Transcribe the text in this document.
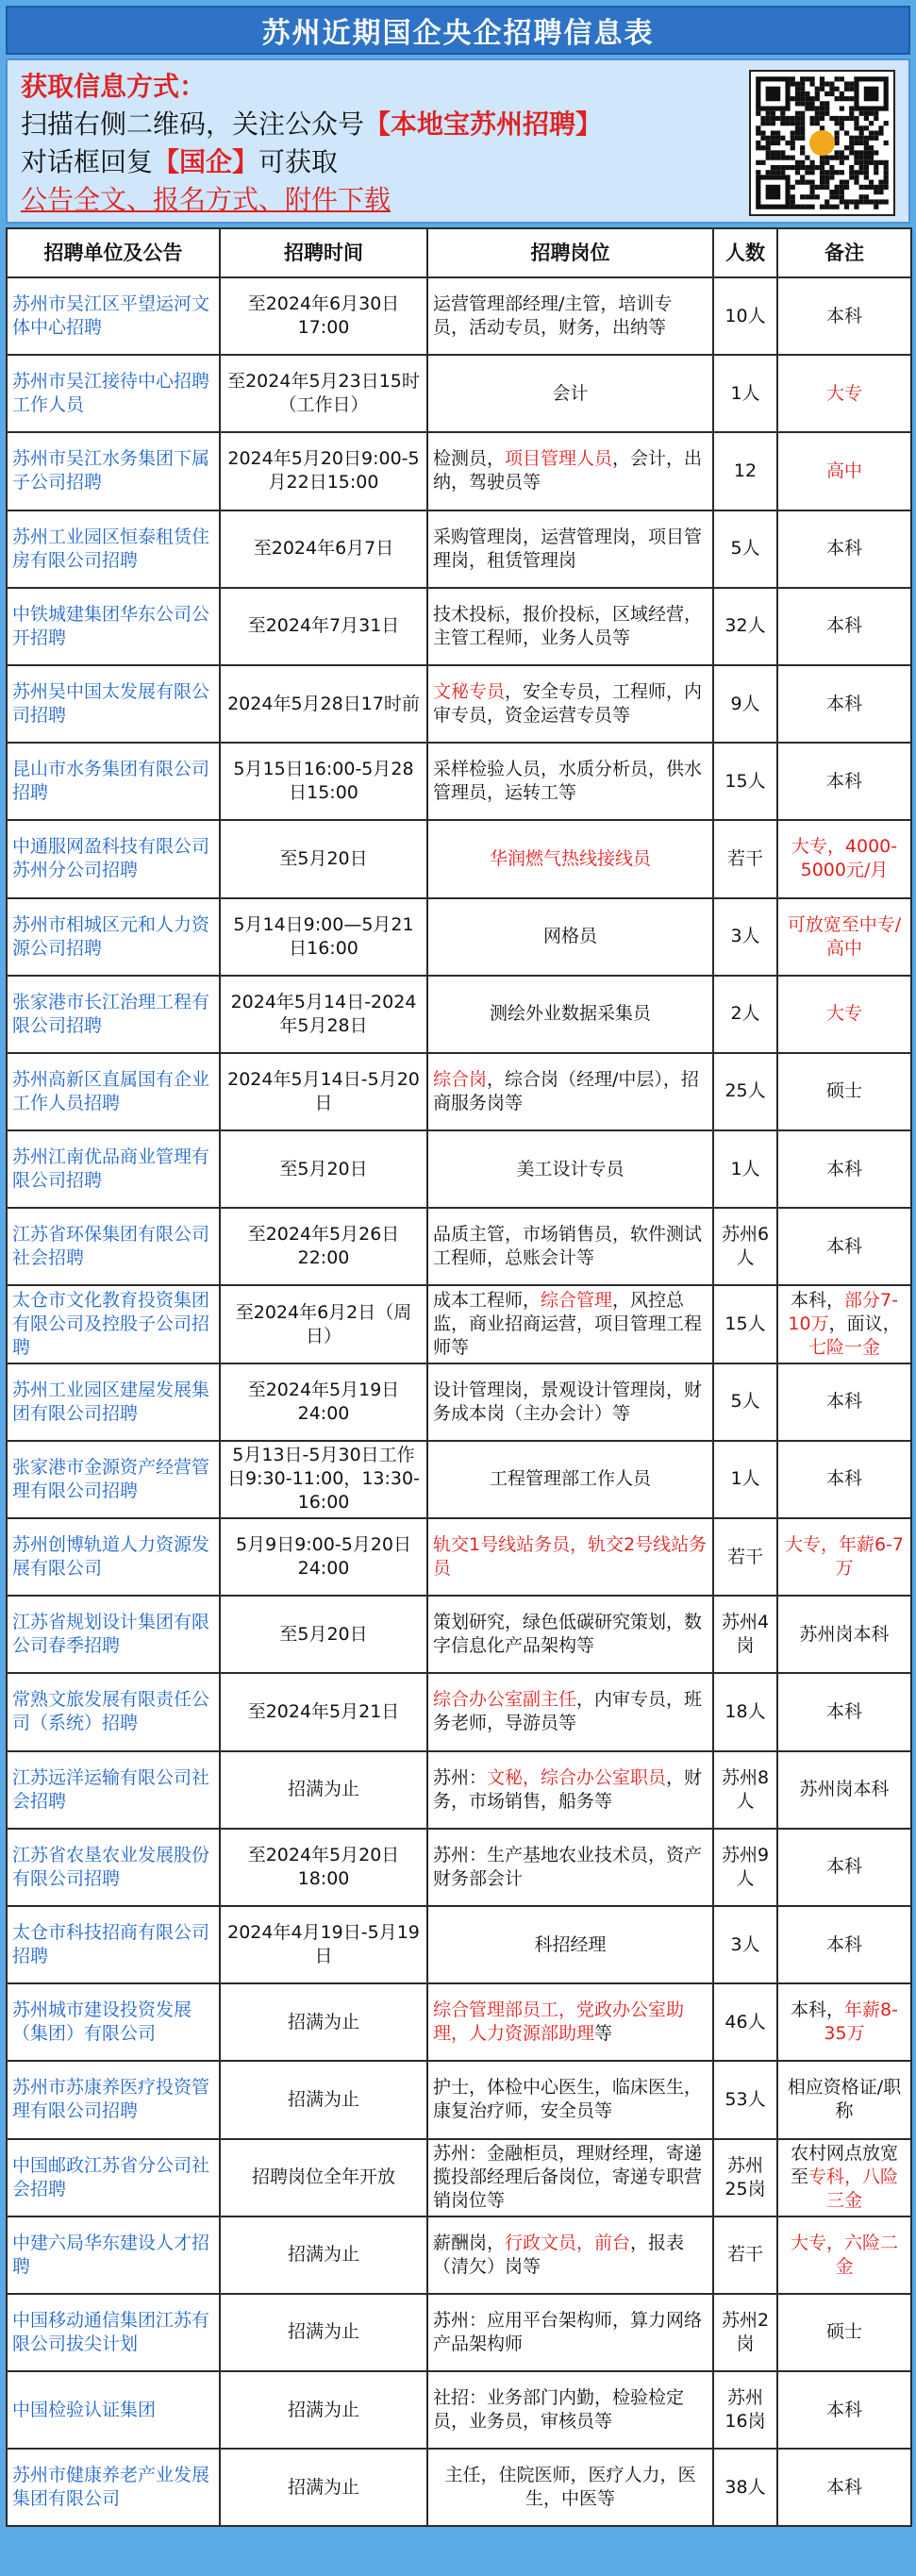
苏州近期国企央企招聘信息表
获取信息方式：
扫描右侧二维码，关注公众号【本地宝苏州招聘】
对话框回复【国企】可获取
公告全文、报名方式、附件下载
招聘单位及公告	招聘时间	招聘岗位	人数	备注
苏州市吴江区平望运河文体中心招聘	至2024年6月30日17:00	运营管理部经理/主管，培训专员，活动专员，财务，出纳等	10人	本科
苏州市吴江接待中心招聘工作人员	至2024年5月23日15时（工作日）	会计	1人	大专
苏州市吴江水务集团下属子公司招聘	2024年5月20日9:00-5月22日15:00	检测员，项目管理人员，会计，出纳，驾驶员等	12	高中
苏州工业园区恒泰租赁住房有限公司招聘	至2024年6月7日	采购管理岗，运营管理岗，项目管理岗，租赁管理岗	5人	本科
中铁城建集团华东公司公开招聘	至2024年7月31日	技术投标，报价投标，区域经营，主管工程师，业务人员等	32人	本科
苏州吴中国太发展有限公司招聘	2024年5月28日17时前	文秘专员，安全专员，工程师，内审专员，资金运营专员等	9人	本科
昆山市水务集团有限公司招聘	5月15日16:00-5月28日15:00	采样检验人员，水质分析员，供水管理员，运转工等	15人	本科
中通服网盈科技有限公司苏州分公司招聘	至5月20日	华润燃气热线接线员	若干	大专，4000-5000元/月
苏州市相城区元和人力资源公司招聘	5月14日9:00—5月21日16:00	网格员	3人	可放宽至中专/高中
张家港市长江治理工程有限公司招聘	2024年5月14日-2024年5月28日	测绘外业数据采集员	2人	大专
苏州高新区直属国有企业工作人员招聘	2024年5月14日-5月20日	综合岗，综合岗（经理/中层），招商服务岗等	25人	硕士
苏州江南优品商业管理有限公司招聘	至5月20日	美工设计专员	1人	本科
江苏省环保集团有限公司社会招聘	至2024年5月26日22:00	品质主管，市场销售员，软件测试工程师，总账会计等	苏州6人	本科
太仓市文化教育投资集团有限公司及控股子公司招聘	至2024年6月2日（周日）	成本工程师，综合管理，风控总监，商业招商运营，项目管理工程师等	15人	本科，部分7-10万，面议，七险一金
苏州工业园区建屋发展集团有限公司招聘	至2024年5月19日24:00	设计管理岗，景观设计管理岗，财务成本岗（主办会计）等	5人	本科
张家港市金源资产经营管理有限公司招聘	5月13日-5月30日工作日9:30-11:00，13:30-16:00	工程管理部工作人员	1人	本科
苏州创博轨道人力资源发展有限公司	5月9日9:00-5月20日24:00	轨交1号线站务员，轨交2号线站务员	若干	大专，年薪6-7万
江苏省规划设计集团有限公司春季招聘	至5月20日	策划研究，绿色低碳研究策划，数字信息化产品架构等	苏州4岗	苏州岗本科
常熟文旅发展有限责任公司（系统）招聘	至2024年5月21日	综合办公室副主任，内审专员，班务老师，导游员等	18人	本科
江苏远洋运输有限公司社会招聘	招满为止	苏州：文秘，综合办公室职员，财务，市场销售，船务等	苏州8人	苏州岗本科
江苏省农垦农业发展股份有限公司招聘	至2024年5月20日18:00	苏州：生产基地农业技术员，资产财务部会计	苏州9人	本科
太仓市科技招商有限公司招聘	2024年4月19日-5月19日	科招经理	3人	本科
苏州城市建设投资发展（集团）有限公司	招满为止	综合管理部员工，党政办公室助理，人力资源部助理等	46人	本科，年薪8-35万
苏州市苏康养医疗投资管理有限公司招聘	招满为止	护士，体检中心医生，临床医生，康复治疗师，安全员等	53人	相应资格证/职称
中国邮政江苏省分公司社会招聘	招聘岗位全年开放	苏州：金融柜员，理财经理，寄递揽投部经理后备岗位，寄递专职营销岗位等	苏州25岗	农村网点放宽至专科，八险三金
中建六局华东建设人才招聘	招满为止	薪酬岗，行政文员，前台，报表（清欠）岗等	若干	大专，六险二金
中国移动通信集团江苏有限公司拔尖计划	招满为止	苏州：应用平台架构师，算力网络产品架构师	苏州2岗	硕士
中国检验认证集团	招满为止	社招：业务部门内勤，检验检定员，业务员，审核员等	苏州16岗	本科
苏州市健康养老产业发展集团有限公司	招满为止	主任，住院医师，医疗人力，医生，中医等	38人	本科
